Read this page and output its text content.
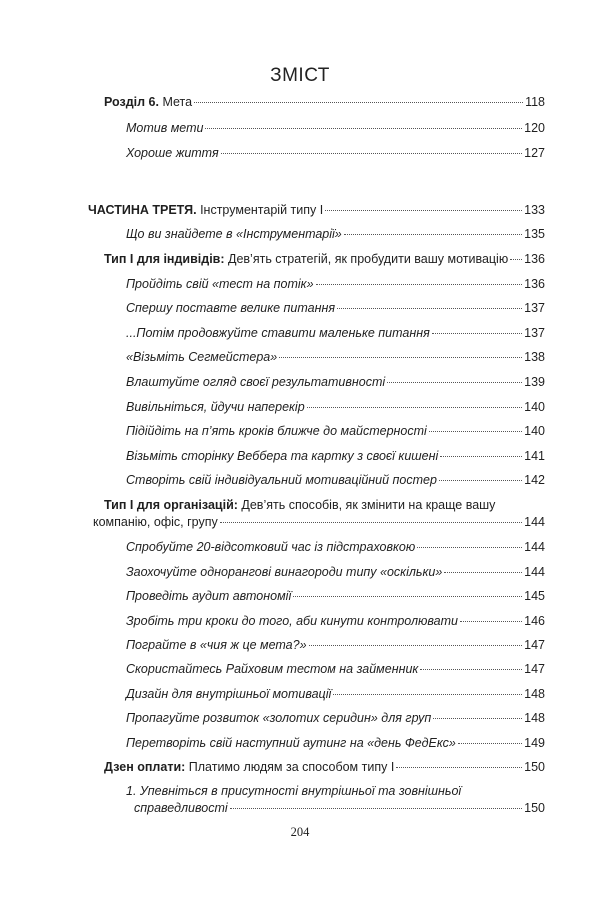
ЗМІСТ
Розділ 6. Мета	118
Мотив мети	120
Хороше життя	127
ЧАСТИНА ТРЕТЯ. Інструментарій типу І	133
Що ви знайдете в «Інструментарії»	135
Тип І для індивідів: Дев’ять стратегій, як пробудити вашу мотивацію 136
Пройдіть свій «тест на потік»	136
Спершу поставте велике питання	137
...Потім продовжуйте ставити маленьке питання	137
«Візьміть Сегмейстера»	138
Влаштуйте огляд своєї результативності	139
Вивільніться, йдучи наперекір	140
Підійдіть на п’ять кроків ближче до майстерності	140
Візьміть сторінку Веббера та картку з своєї кишені	141
Створіть свій індивідуальний мотиваційний постер	142
Тип І для організацій: Дев’ять способів, як змінити на краще вашу
компанію, офіс, групу	144
Спробуйте 20-відсотковий час із підстраховкою	144
Заохочуйте однорангові винагороди типу «оскільки»	144
Проведіть аудит автономії	145
Зробіть три кроки до того, аби кинути контролювати	146
Пограйте в «чия ж це мета?»	147
Скористайтесь Райховим тестом на займенник	147
Дизайн для внутрішньої мотивації	148
Пропагуйте розвиток «золотих серидин» для груп	148
Перетворіть свій наступний аутинг на «день ФедЕкс»	149
Дзен оплати: Платимо людям за способом типу І	150
1. Упевніться в присутності внутрішньої та зовнішньої
справедливості	150
204
